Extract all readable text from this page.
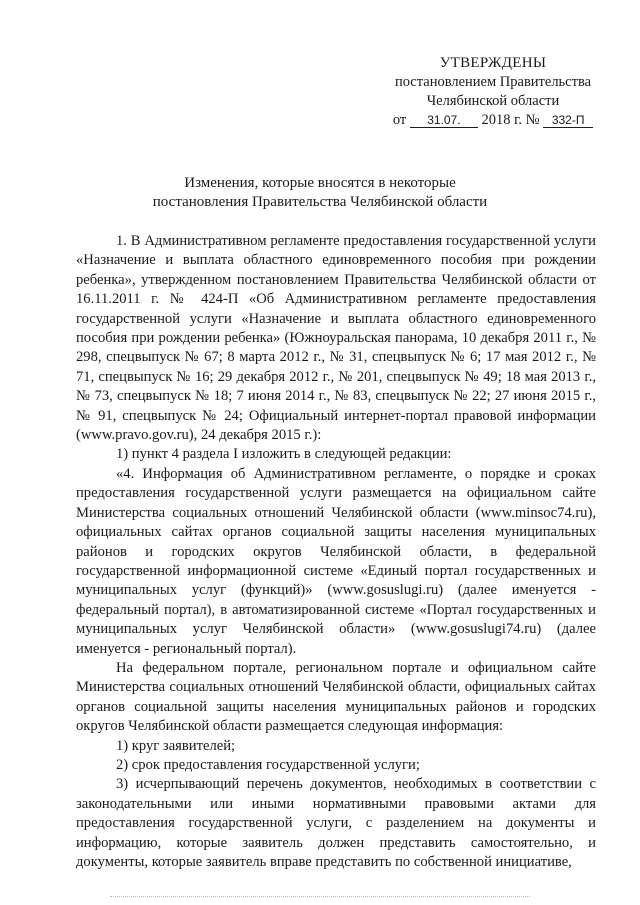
УТВЕРЖДЕНЫ
постановлением Правительства
Челябинской области
от 31.07. 2018 г. № 332-П
Изменения, которые вносятся в некоторые
постановления Правительства Челябинской области

1. В Административном регламенте предоставления государственной услуги «Назначение и выплата областного единовременного пособия при рождении ребенка», утвержденном постановлением Правительства Челябинской области от 16.11.2011 г. № 424-П «Об Административном регламенте предоставления государственной услуги «Назначение и выплата областного единовременного пособия при рождении ребенка» (Южноуральская панорама, 10 декабря 2011 г., № 298, спецвыпуск № 67; 8 марта 2012 г., № 31, спецвыпуск № 6; 17 мая 2012 г., № 71, спецвыпуск № 16; 29 декабря 2012 г., № 201, спецвыпуск № 49; 18 мая 2013 г., № 73, спецвыпуск № 18; 7 июня 2014 г., № 83, спецвыпуск № 22; 27 июня 2015 г., № 91, спецвыпуск № 24; Официальный интернет-портал правовой информации (www.pravo.gov.ru), 24 декабря 2015 г.):

1) пункт 4 раздела I изложить в следующей редакции:

«4. Информация об Административном регламенте, о порядке и сроках предоставления государственной услуги размещается на официальном сайте Министерства социальных отношений Челябинской области (www.minsoc74.ru), официальных сайтах органов социальной защиты населения муниципальных районов и городских округов Челябинской области, в федеральной государственной информационной системе «Единый портал государственных и муниципальных услуг (функций)» (www.gosuslugi.ru) (далее именуется - федеральный портал), в автоматизированной системе «Портал государственных и муниципальных услуг Челябинской области» (www.gosuslugi74.ru) (далее именуется - региональный портал).

На федеральном портале, региональном портале и официальном сайте Министерства социальных отношений Челябинской области, официальных сайтах органов социальной защиты населения муниципальных районов и городских округов Челябинской области размещается следующая информация:

1) круг заявителей;

2) срок предоставления государственной услуги;

3) исчерпывающий перечень документов, необходимых в соответствии с законодательными или иными нормативными правовыми актами для предоставления государственной услуги, с разделением на документы и информацию, которые заявитель должен представить самостоятельно, и документы, которые заявитель вправе представить по собственной инициативе,
